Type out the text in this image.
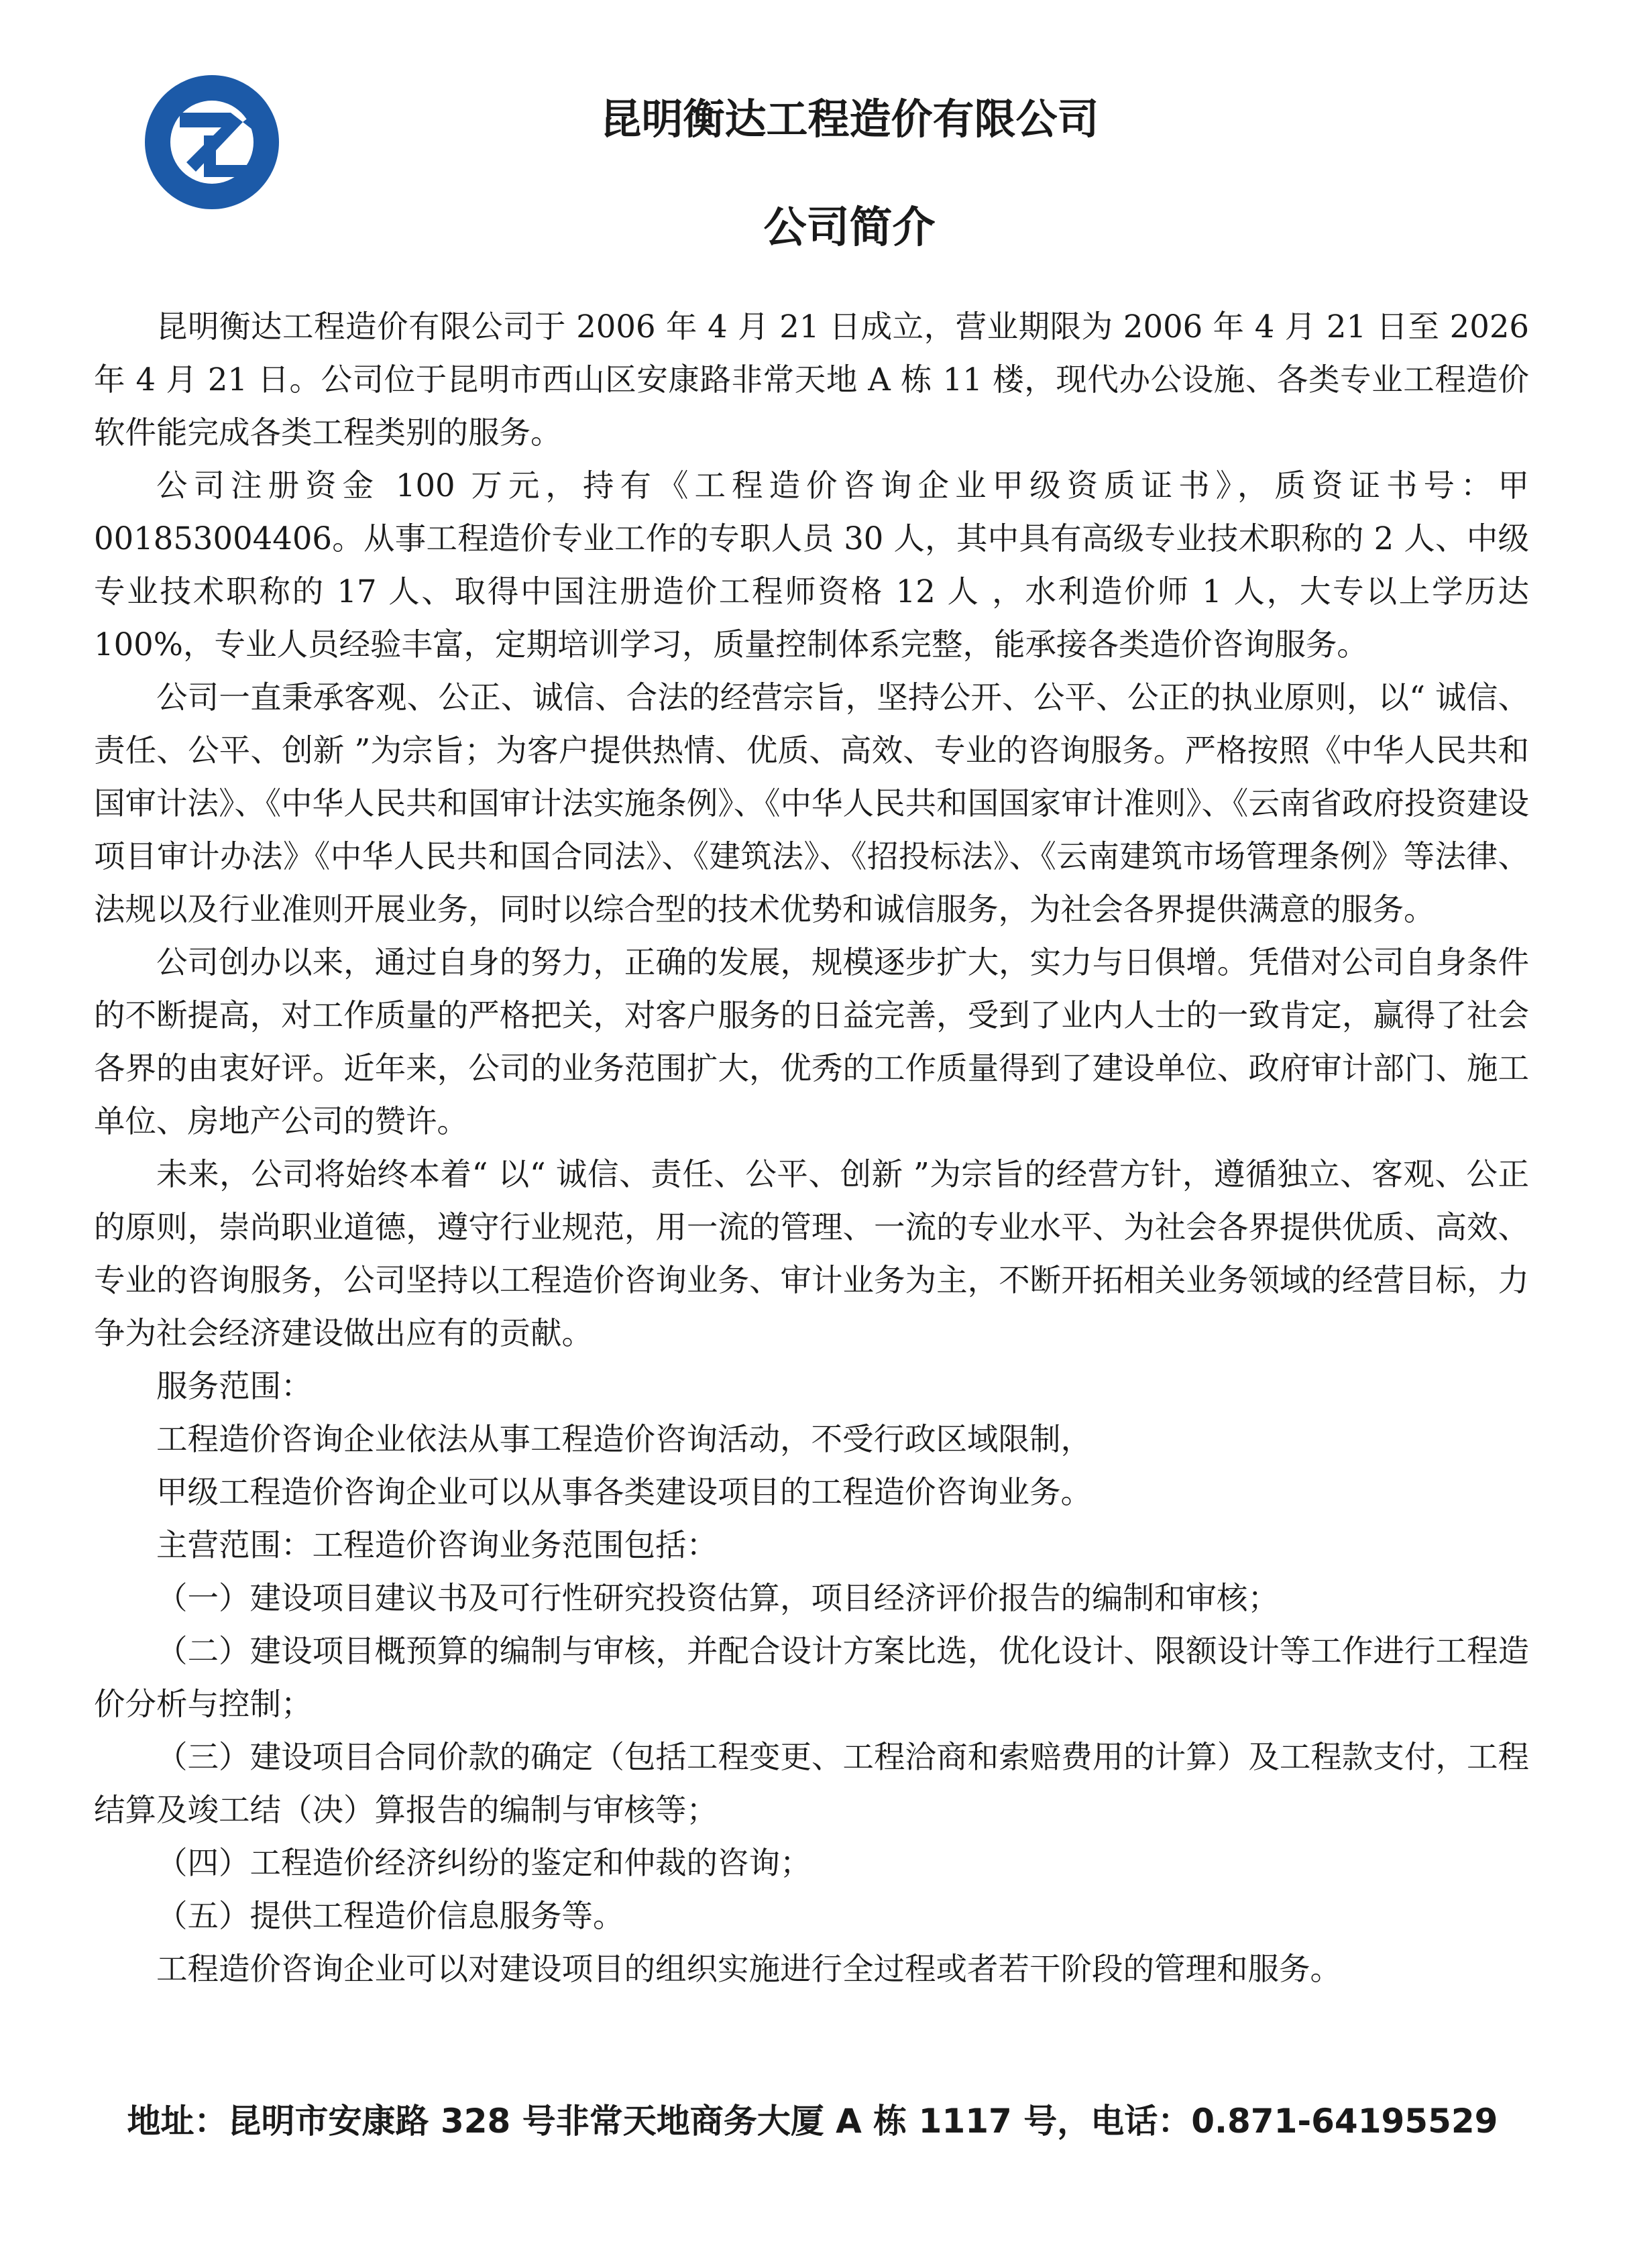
昆明衡达工程造价有限公司
公司简介

昆明衡达工程造价有限公司于 2006 年 4 月 21 日成立，营业期限为 2006 年 4 月 21 日至 2026 年 4 月 21 日。公司位于昆明市西山区安康路非常天地 A 栋 11 楼，现代办公设施、各类专业工程造价软件能完成各类工程类别的服务。

公司注册资金 100 万元，持有《工程造价咨询企业甲级资质证书》，质资证书号：甲 001853004406。从事工程造价专业工作的专职人员 30 人，其中具有高级专业技术职称的 2 人、中级专业技术职称的 17 人、取得中国注册造价工程师资格 12 人 ，水利造价师 1 人，大专以上学历达 100%，专业人员经验丰富，定期培训学习，质量控制体系完整，能承接各类造价咨询服务。

公司一直秉承客观、公正、诚信、合法的经营宗旨，坚持公开、公平、公正的执业原则，以“ 诚信、责任、公平、创新 ”为宗旨；为客户提供热情、优质、高效、专业的咨询服务。严格按照《中华人民共和国审计法》、《中华人民共和国审计法实施条例》、《中华人民共和国国家审计准则》、《云南省政府投资建设项目审计办法》《中华人民共和国合同法》、《建筑法》、《招投标法》、《云南建筑市场管理条例》等法律、法规以及行业准则开展业务，同时以综合型的技术优势和诚信服务，为社会各界提供满意的服务。

公司创办以来，通过自身的努力，正确的发展，规模逐步扩大，实力与日俱增。凭借对公司自身条件的不断提高，对工作质量的严格把关，对客户服务的日益完善，受到了业内人士的一致肯定，赢得了社会各界的由衷好评。近年来，公司的业务范围扩大，优秀的工作质量得到了建设单位、政府审计部门、施工单位、房地产公司的赞许。

未来，公司将始终本着“ 以“ 诚信、责任、公平、创新 ”为宗旨的经营方针，遵循独立、客观、公正的原则，崇尚职业道德，遵守行业规范，用一流的管理、一流的专业水平、为社会各界提供优质、高效、专业的咨询服务，公司坚持以工程造价咨询业务、审计业务为主，不断开拓相关业务领域的经营目标，力争为社会经济建设做出应有的贡献。

服务范围：

工程造价咨询企业依法从事工程造价咨询活动，不受行政区域限制，

甲级工程造价咨询企业可以从事各类建设项目的工程造价咨询业务。

主营范围：工程造价咨询业务范围包括：

（一）建设项目建议书及可行性研究投资估算，项目经济评价报告的编制和审核；

（二）建设项目概预算的编制与审核，并配合设计方案比选，优化设计、限额设计等工作进行工程造价分析与控制；

（三）建设项目合同价款的确定（包括工程变更、工程洽商和索赔费用的计算）及工程款支付，工程结算及竣工结（决）算报告的编制与审核等；

（四）工程造价经济纠纷的鉴定和仲裁的咨询；

（五）提供工程造价信息服务等。

工程造价咨询企业可以对建设项目的组织实施进行全过程或者若干阶段的管理和服务。

地址：昆明市安康路 328 号非常天地商务大厦 A 栋 1117 号，电话：0.871-64195529
